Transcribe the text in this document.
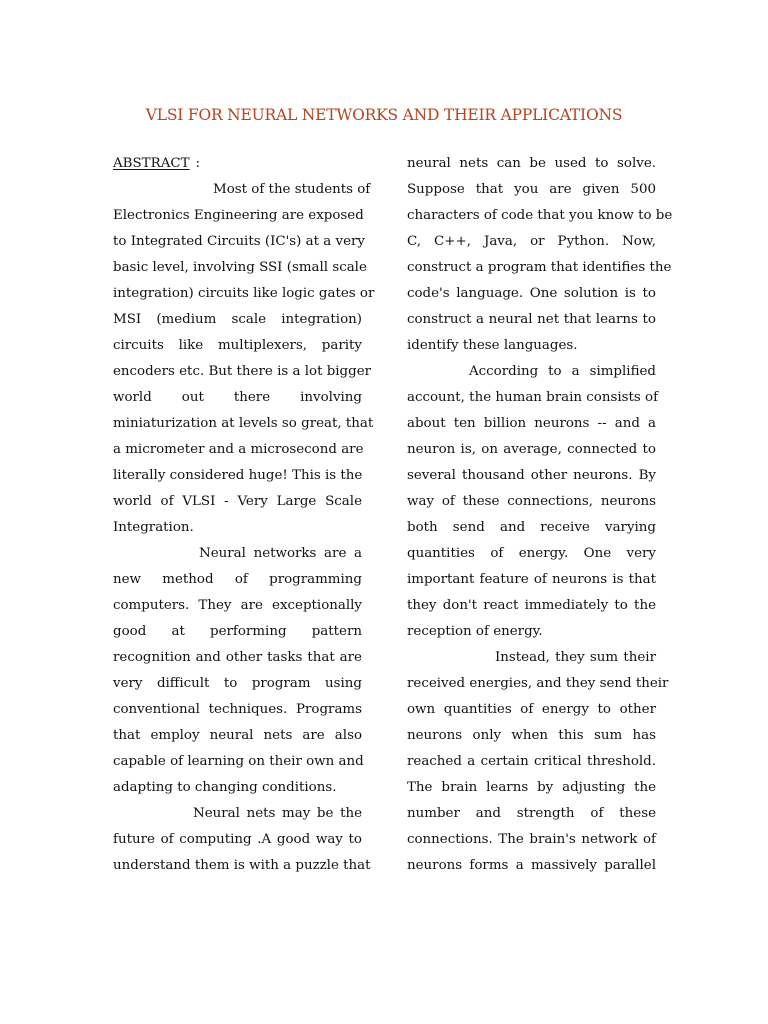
VLSI FOR NEURAL NETWORKS AND THEIR APPLICATIONS
ABSTRACT :
Most of the students of
Electronics Engineering are exposed
to Integrated Circuits (IC's) at a very
basic level, involving SSI (small scale
integration) circuits like logic gates or
MSI (medium scale integration)
circuits like multiplexers, parity
encoders etc. But there is a lot bigger
world out there involving
miniaturization at levels so great, that
a micrometer and a microsecond are
literally considered huge! This is the
world of VLSI - Very Large Scale
Integration.
Neural networks are a
new method of programming
computers. They are exceptionally
good at performing pattern
recognition and other tasks that are
very difficult to program using
conventional techniques. Programs
that employ neural nets are also
capable of learning on their own and
adapting to changing conditions.
Neural nets may be the
future of computing .A good way to
understand them is with a puzzle that
neural nets can be used to solve.
Suppose that you are given 500
characters of code that you know to be
C, C++, Java, or Python. Now,
construct a program that identifies the
code's language. One solution is to
construct a neural net that learns to
identify these languages.
According to a simplified
account, the human brain consists of
about ten billion neurons -- and a
neuron is, on average, connected to
several thousand other neurons. By
way of these connections, neurons
both send and receive varying
quantities of energy. One very
important feature of neurons is that
they don't react immediately to the
reception of energy.
Instead, they sum their
received energies, and they send their
own quantities of energy to other
neurons only when this sum has
reached a certain critical threshold.
The brain learns by adjusting the
number and strength of these
connections. The brain's network of
neurons forms a massively parallel
